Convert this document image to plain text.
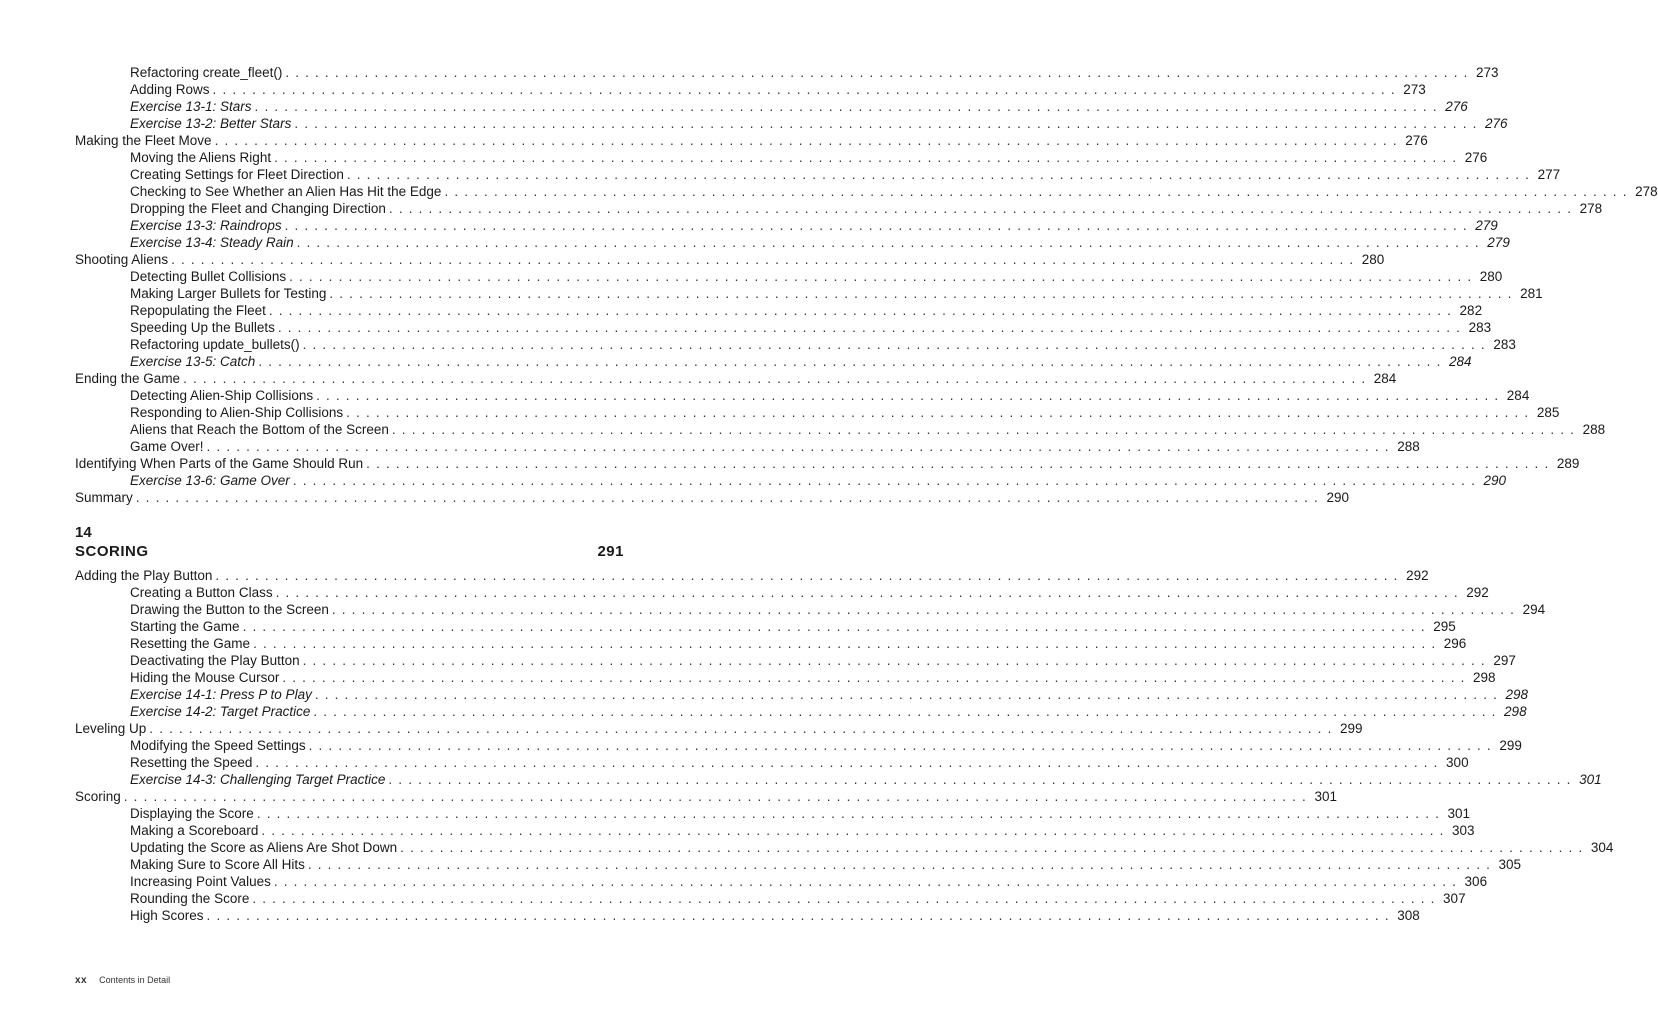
Refactoring create_fleet() . . . . . . . . . . . . . . . . . . . . . . . . . . . . . . . . . . . . . . . . . . . . . . . . . . . . . . . . . . . . . . . . . . . . . . . . . . . . . . . . . . . . . . . . . . . . . . . . . . . . . . . . . . . . . . . . . . . . . . . . 273
Adding Rows . . . . . . . . . . . . . . . . . . . . . . . . . . . . . . . . . . . . . . . . . . . . . . . . . . . . . . . . . . . . . . . . . . . . . . . . . . . . . . . . . . . . . . . . . . . . . . . . . . . . . . . . . . . . . . . . . . . . . . . . 273
Exercise 13-1: Stars . . . . . . . . . . . . . . . . . . . . . . . . . . . . . . . . . . . . . . . . . . . . . . . . . . . . . . . . . . . . . . . . . . . . . . . . . . . . . . . . . . . . . . . . . . . . . . . . . . . . . . . . . . . . . . . . . . . . . . . . 276
Exercise 13-2: Better Stars . . . . . . . . . . . . . . . . . . . . . . . . . . . . . . . . . . . . . . . . . . . . . . . . . . . . . . . . . . . . . . . . . . . . . . . . . . . . . . . . . . . . . . . . . . . . . . . . . . . . . . . . . . . . . . . . . . . . . . . . 276
Making the Fleet Move . . . . . . . . . . . . . . . . . . . . . . . . . . . . . . . . . . . . . . . . . . . . . . . . . . . . . . . . . . . . . . . . . . . . . . . . . . . . . . . . . . . . . . . . . . . . . . . . . . . . . . . . . . . . . . . . . . . . . . . . 276
Moving the Aliens Right . . . . . . . . . . . . . . . . . . . . . . . . . . . . . . . . . . . . . . . . . . . . . . . . . . . . . . . . . . . . . . . . . . . . . . . . . . . . . . . . . . . . . . . . . . . . . . . . . . . . . . . . . . . . . . . . . . . . . . . . 276
Creating Settings for Fleet Direction . . . . . . . . . . . . . . . . . . . . . . . . . . . . . . . . . . . . . . . . . . . . . . . . . . . . . . . . . . . . . . . . . . . . . . . . . . . . . . . . . . . . . . . . . . . . . . . . . . . . . . . . . . . . . . . . . . . . . . . . 277
Checking to See Whether an Alien Has Hit the Edge . . . . . . . . . . . . . . . . . . . . . . . . . . . . . . . . . . . . . . . . . . . . . . . . . . . . . . . . . . . . . . . . . . . . . . . . . . . . . . . . . . . . . . . . . . . . . . . . . . . . . . . . . . . . . . . . . . . . . . . . 278
Dropping the Fleet and Changing Direction . . . . . . . . . . . . . . . . . . . . . . . . . . . . . . . . . . . . . . . . . . . . . . . . . . . . . . . . . . . . . . . . . . . . . . . . . . . . . . . . . . . . . . . . . . . . . . . . . . . . . . . . . . . . . . . . . . . . . . . . 278
Exercise 13-3: Raindrops . . . . . . . . . . . . . . . . . . . . . . . . . . . . . . . . . . . . . . . . . . . . . . . . . . . . . . . . . . . . . . . . . . . . . . . . . . . . . . . . . . . . . . . . . . . . . . . . . . . . . . . . . . . . . . . . . . . . . . . . 279
Exercise 13-4: Steady Rain . . . . . . . . . . . . . . . . . . . . . . . . . . . . . . . . . . . . . . . . . . . . . . . . . . . . . . . . . . . . . . . . . . . . . . . . . . . . . . . . . . . . . . . . . . . . . . . . . . . . . . . . . . . . . . . . . . . . . . . . 279
Shooting Aliens . . . . . . . . . . . . . . . . . . . . . . . . . . . . . . . . . . . . . . . . . . . . . . . . . . . . . . . . . . . . . . . . . . . . . . . . . . . . . . . . . . . . . . . . . . . . . . . . . . . . . . . . . . . . . . . . . . . . . . . . 280
Detecting Bullet Collisions . . . . . . . . . . . . . . . . . . . . . . . . . . . . . . . . . . . . . . . . . . . . . . . . . . . . . . . . . . . . . . . . . . . . . . . . . . . . . . . . . . . . . . . . . . . . . . . . . . . . . . . . . . . . . . . . . . . . . . . . 280
Making Larger Bullets for Testing . . . . . . . . . . . . . . . . . . . . . . . . . . . . . . . . . . . . . . . . . . . . . . . . . . . . . . . . . . . . . . . . . . . . . . . . . . . . . . . . . . . . . . . . . . . . . . . . . . . . . . . . . . . . . . . . . . . . . . . . 281
Repopulating the Fleet . . . . . . . . . . . . . . . . . . . . . . . . . . . . . . . . . . . . . . . . . . . . . . . . . . . . . . . . . . . . . . . . . . . . . . . . . . . . . . . . . . . . . . . . . . . . . . . . . . . . . . . . . . . . . . . . . . . . . . . . 282
Speeding Up the Bullets . . . . . . . . . . . . . . . . . . . . . . . . . . . . . . . . . . . . . . . . . . . . . . . . . . . . . . . . . . . . . . . . . . . . . . . . . . . . . . . . . . . . . . . . . . . . . . . . . . . . . . . . . . . . . . . . . . . . . . . . 283
Refactoring update_bullets() . . . . . . . . . . . . . . . . . . . . . . . . . . . . . . . . . . . . . . . . . . . . . . . . . . . . . . . . . . . . . . . . . . . . . . . . . . . . . . . . . . . . . . . . . . . . . . . . . . . . . . . . . . . . . . . . . . . . . . . . 283
Exercise 13-5: Catch . . . . . . . . . . . . . . . . . . . . . . . . . . . . . . . . . . . . . . . . . . . . . . . . . . . . . . . . . . . . . . . . . . . . . . . . . . . . . . . . . . . . . . . . . . . . . . . . . . . . . . . . . . . . . . . . . . . . . . . . 284
Ending the Game . . . . . . . . . . . . . . . . . . . . . . . . . . . . . . . . . . . . . . . . . . . . . . . . . . . . . . . . . . . . . . . . . . . . . . . . . . . . . . . . . . . . . . . . . . . . . . . . . . . . . . . . . . . . . . . . . . . . . . . . 284
Detecting Alien-Ship Collisions . . . . . . . . . . . . . . . . . . . . . . . . . . . . . . . . . . . . . . . . . . . . . . . . . . . . . . . . . . . . . . . . . . . . . . . . . . . . . . . . . . . . . . . . . . . . . . . . . . . . . . . . . . . . . . . . . . . . . . . . 284
Responding to Alien-Ship Collisions . . . . . . . . . . . . . . . . . . . . . . . . . . . . . . . . . . . . . . . . . . . . . . . . . . . . . . . . . . . . . . . . . . . . . . . . . . . . . . . . . . . . . . . . . . . . . . . . . . . . . . . . . . . . . . . . . . . . . . . . 285
Aliens that Reach the Bottom of the Screen . . . . . . . . . . . . . . . . . . . . . . . . . . . . . . . . . . . . . . . . . . . . . . . . . . . . . . . . . . . . . . . . . . . . . . . . . . . . . . . . . . . . . . . . . . . . . . . . . . . . . . . . . . . . . . . . . . . . . . . . 288
Game Over! . . . . . . . . . . . . . . . . . . . . . . . . . . . . . . . . . . . . . . . . . . . . . . . . . . . . . . . . . . . . . . . . . . . . . . . . . . . . . . . . . . . . . . . . . . . . . . . . . . . . . . . . . . . . . . . . . . . . . . . . 288
Identifying When Parts of the Game Should Run . . . . . . . . . . . . . . . . . . . . . . . . . . . . . . . . . . . . . . . . . . . . . . . . . . . . . . . . . . . . . . . . . . . . . . . . . . . . . . . . . . . . . . . . . . . . . . . . . . . . . . . . . . . . . . . . . . . . . . . . 289
Exercise 13-6: Game Over . . . . . . . . . . . . . . . . . . . . . . . . . . . . . . . . . . . . . . . . . . . . . . . . . . . . . . . . . . . . . . . . . . . . . . . . . . . . . . . . . . . . . . . . . . . . . . . . . . . . . . . . . . . . . . . . . . . . . . . . 290
Summary . . . . . . . . . . . . . . . . . . . . . . . . . . . . . . . . . . . . . . . . . . . . . . . . . . . . . . . . . . . . . . . . . . . . . . . . . . . . . . . . . . . . . . . . . . . . . . . . . . . . . . . . . . . . . . . . . . . . . . . . 290
14
SCORING	291
Adding the Play Button . . . . . . . . . . . . . . . . . . . . . . . . . . . . . . . . . . . . . . . . . . . . . . . . . . . . . . . . . . . . . . . . . . . . . . . . . . . . . . . . . . . . . . . . . . . . . . . . . . . . . . . . . . . . . . . . . . . . . . . . 292
Creating a Button Class . . . . . . . . . . . . . . . . . . . . . . . . . . . . . . . . . . . . . . . . . . . . . . . . . . . . . . . . . . . . . . . . . . . . . . . . . . . . . . . . . . . . . . . . . . . . . . . . . . . . . . . . . . . . . . . . . . . . . . . . 292
Drawing the Button to the Screen . . . . . . . . . . . . . . . . . . . . . . . . . . . . . . . . . . . . . . . . . . . . . . . . . . . . . . . . . . . . . . . . . . . . . . . . . . . . . . . . . . . . . . . . . . . . . . . . . . . . . . . . . . . . . . . . . . . . . . . . 294
Starting the Game . . . . . . . . . . . . . . . . . . . . . . . . . . . . . . . . . . . . . . . . . . . . . . . . . . . . . . . . . . . . . . . . . . . . . . . . . . . . . . . . . . . . . . . . . . . . . . . . . . . . . . . . . . . . . . . . . . . . . . . . 295
Resetting the Game . . . . . . . . . . . . . . . . . . . . . . . . . . . . . . . . . . . . . . . . . . . . . . . . . . . . . . . . . . . . . . . . . . . . . . . . . . . . . . . . . . . . . . . . . . . . . . . . . . . . . . . . . . . . . . . . . . . . . . . . 296
Deactivating the Play Button . . . . . . . . . . . . . . . . . . . . . . . . . . . . . . . . . . . . . . . . . . . . . . . . . . . . . . . . . . . . . . . . . . . . . . . . . . . . . . . . . . . . . . . . . . . . . . . . . . . . . . . . . . . . . . . . . . . . . . . . 297
Hiding the Mouse Cursor . . . . . . . . . . . . . . . . . . . . . . . . . . . . . . . . . . . . . . . . . . . . . . . . . . . . . . . . . . . . . . . . . . . . . . . . . . . . . . . . . . . . . . . . . . . . . . . . . . . . . . . . . . . . . . . . . . . . . . . . 298
Exercise 14-1: Press P to Play . . . . . . . . . . . . . . . . . . . . . . . . . . . . . . . . . . . . . . . . . . . . . . . . . . . . . . . . . . . . . . . . . . . . . . . . . . . . . . . . . . . . . . . . . . . . . . . . . . . . . . . . . . . . . . . . . . . . . . . . 298
Exercise 14-2: Target Practice . . . . . . . . . . . . . . . . . . . . . . . . . . . . . . . . . . . . . . . . . . . . . . . . . . . . . . . . . . . . . . . . . . . . . . . . . . . . . . . . . . . . . . . . . . . . . . . . . . . . . . . . . . . . . . . . . . . . . . . . 298
Leveling Up . . . . . . . . . . . . . . . . . . . . . . . . . . . . . . . . . . . . . . . . . . . . . . . . . . . . . . . . . . . . . . . . . . . . . . . . . . . . . . . . . . . . . . . . . . . . . . . . . . . . . . . . . . . . . . . . . . . . . . . . 299
Modifying the Speed Settings . . . . . . . . . . . . . . . . . . . . . . . . . . . . . . . . . . . . . . . . . . . . . . . . . . . . . . . . . . . . . . . . . . . . . . . . . . . . . . . . . . . . . . . . . . . . . . . . . . . . . . . . . . . . . . . . . . . . . . . . 299
Resetting the Speed . . . . . . . . . . . . . . . . . . . . . . . . . . . . . . . . . . . . . . . . . . . . . . . . . . . . . . . . . . . . . . . . . . . . . . . . . . . . . . . . . . . . . . . . . . . . . . . . . . . . . . . . . . . . . . . . . . . . . . . . 300
Exercise 14-3: Challenging Target Practice . . . . . . . . . . . . . . . . . . . . . . . . . . . . . . . . . . . . . . . . . . . . . . . . . . . . . . . . . . . . . . . . . . . . . . . . . . . . . . . . . . . . . . . . . . . . . . . . . . . . . . . . . . . . . . . . . . . . . . . . 301
Scoring . . . . . . . . . . . . . . . . . . . . . . . . . . . . . . . . . . . . . . . . . . . . . . . . . . . . . . . . . . . . . . . . . . . . . . . . . . . . . . . . . . . . . . . . . . . . . . . . . . . . . . . . . . . . . . . . . . . . . . . . 301
Displaying the Score . . . . . . . . . . . . . . . . . . . . . . . . . . . . . . . . . . . . . . . . . . . . . . . . . . . . . . . . . . . . . . . . . . . . . . . . . . . . . . . . . . . . . . . . . . . . . . . . . . . . . . . . . . . . . . . . . . . . . . . . 301
Making a Scoreboard . . . . . . . . . . . . . . . . . . . . . . . . . . . . . . . . . . . . . . . . . . . . . . . . . . . . . . . . . . . . . . . . . . . . . . . . . . . . . . . . . . . . . . . . . . . . . . . . . . . . . . . . . . . . . . . . . . . . . . . . 303
Updating the Score as Aliens Are Shot Down . . . . . . . . . . . . . . . . . . . . . . . . . . . . . . . . . . . . . . . . . . . . . . . . . . . . . . . . . . . . . . . . . . . . . . . . . . . . . . . . . . . . . . . . . . . . . . . . . . . . . . . . . . . . . . . . . . . . . . . . 304
Making Sure to Score All Hits . . . . . . . . . . . . . . . . . . . . . . . . . . . . . . . . . . . . . . . . . . . . . . . . . . . . . . . . . . . . . . . . . . . . . . . . . . . . . . . . . . . . . . . . . . . . . . . . . . . . . . . . . . . . . . . . . . . . . . . . 305
Increasing Point Values . . . . . . . . . . . . . . . . . . . . . . . . . . . . . . . . . . . . . . . . . . . . . . . . . . . . . . . . . . . . . . . . . . . . . . . . . . . . . . . . . . . . . . . . . . . . . . . . . . . . . . . . . . . . . . . . . . . . . . . . 306
Rounding the Score . . . . . . . . . . . . . . . . . . . . . . . . . . . . . . . . . . . . . . . . . . . . . . . . . . . . . . . . . . . . . . . . . . . . . . . . . . . . . . . . . . . . . . . . . . . . . . . . . . . . . . . . . . . . . . . . . . . . . . . . 307
High Scores . . . . . . . . . . . . . . . . . . . . . . . . . . . . . . . . . . . . . . . . . . . . . . . . . . . . . . . . . . . . . . . . . . . . . . . . . . . . . . . . . . . . . . . . . . . . . . . . . . . . . . . . . . . . . . . . . . . . . . . . 308
xx Contents in Detail
